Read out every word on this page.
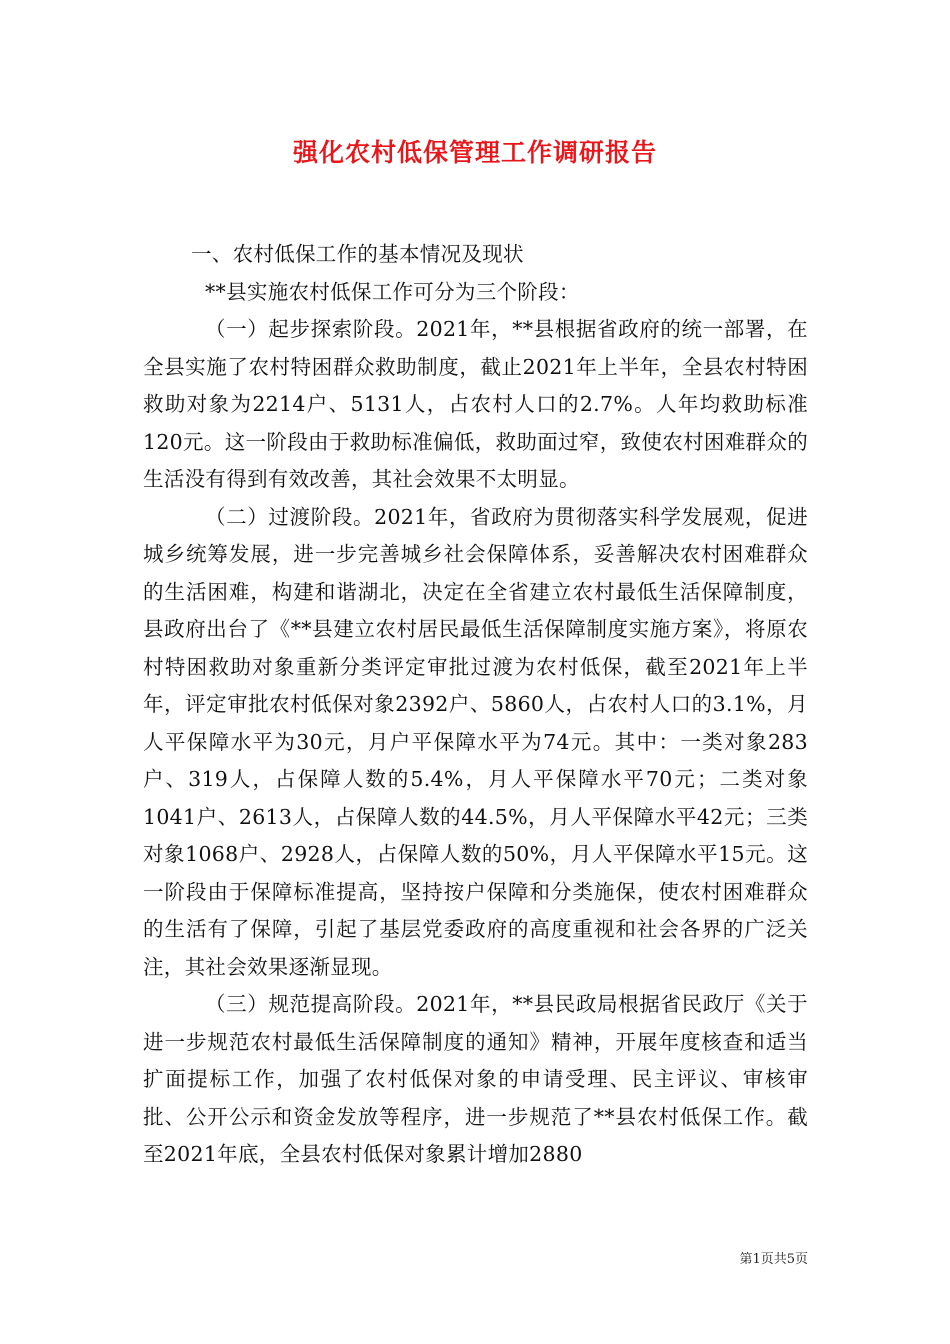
强化农村低保管理工作调研报告

一、农村低保工作的基本情况及现状

**县实施农村低保工作可分为三个阶段：

（一）起步探索阶段。2021年，**县根据省政府的统一部署，在全县实施了农村特困群众救助制度，截止2021年上半年，全县农村特困救助对象为2214户、5131人，占农村人口的2.7%。人年均救助标准120元。这一阶段由于救助标准偏低，救助面过窄，致使农村困难群众的生活没有得到有效改善，其社会效果不太明显。

（二）过渡阶段。2021年，省政府为贯彻落实科学发展观，促进城乡统筹发展，进一步完善城乡社会保障体系，妥善解决农村困难群众的生活困难，构建和谐湖北，决定在全省建立农村最低生活保障制度，县政府出台了《**县建立农村居民最低生活保障制度实施方案》，将原农村特困救助对象重新分类评定审批过渡为农村低保，截至2021年上半年，评定审批农村低保对象2392户、5860人，占农村人口的3.1%，月人平保障水平为30元，月户平保障水平为74元。其中：一类对象283户、319人，占保障人数的5.4%，月人平保障水平70元；二类对象1041户、2613人，占保障人数的44.5%，月人平保障水平42元；三类对象1068户、2928人，占保障人数的50%，月人平保障水平15元。这一阶段由于保障标准提高，坚持按户保障和分类施保，使农村困难群众的生活有了保障，引起了基层党委政府的高度重视和社会各界的广泛关注，其社会效果逐渐显现。

（三）规范提高阶段。2021年，**县民政局根据省民政厅《关于进一步规范农村最低生活保障制度的通知》精神，开展年度核查和适当扩面提标工作，加强了农村低保对象的申请受理、民主评议、审核审批、公开公示和资金发放等程序，进一步规范了**县农村低保工作。截至2021年底，全县农村低保对象累计增加2880

第1页共5页
